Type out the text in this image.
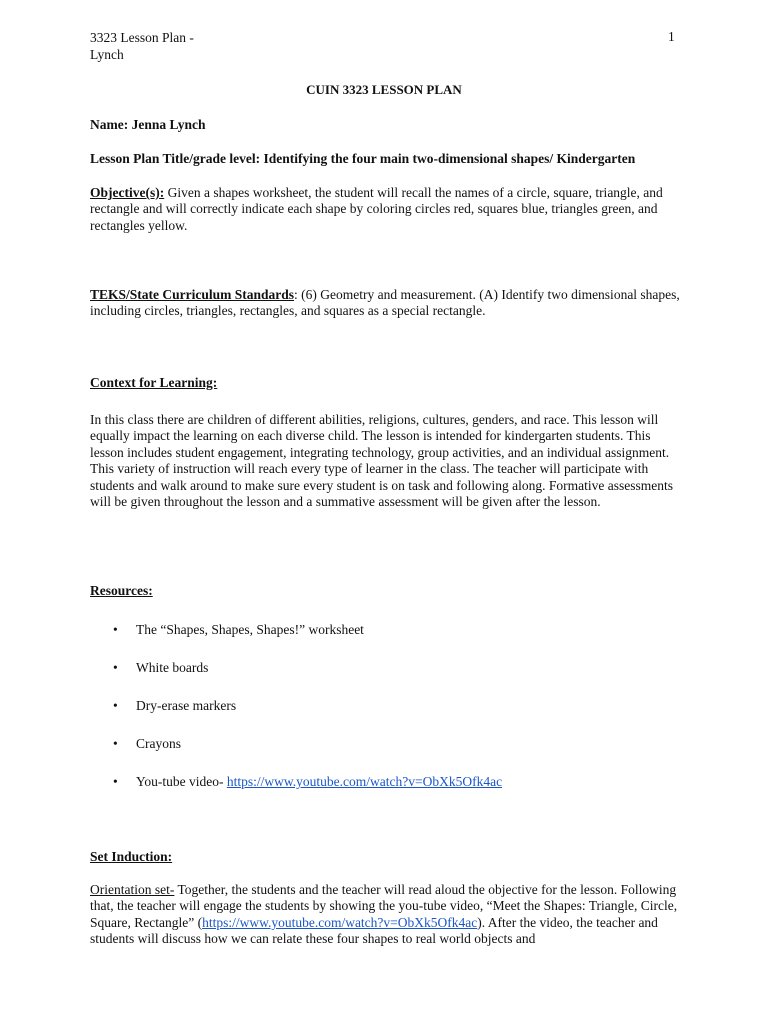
3323 Lesson Plan -
Lynch
1
CUIN 3323 LESSON PLAN
Name: Jenna Lynch
Lesson Plan Title/grade level: Identifying the four main two-dimensional shapes/ Kindergarten

Objective(s): Given a shapes worksheet, the student will recall the names of a circle, square, triangle, and rectangle and will correctly indicate each shape by coloring circles red, squares blue, triangles green, and rectangles yellow.

TEKS/State Curriculum Standards: (6) Geometry and measurement. (A) Identify two dimensional shapes, including circles, triangles, rectangles, and squares as a special rectangle.

Context for Learning:

In this class there are children of different abilities, religions, cultures, genders, and race. This lesson will equally impact the learning on each diverse child. The lesson is intended for kindergarten students. This lesson includes student engagement, integrating technology, group activities, and an individual assignment. This variety of instruction will reach every type of learner in the class. The teacher will participate with students and walk around to make sure every student is on task and following along. Formative assessments will be given throughout the lesson and a summative assessment will be given after the lesson.

Resources:
• The “Shapes, Shapes, Shapes!” worksheet
• White boards
• Dry-erase markers
• Crayons
• You-tube video- https://www.youtube.com/watch?v=ObXk5Ofk4ac
Set Induction:

Orientation set- Together, the students and the teacher will read aloud the objective for the lesson. Following that, the teacher will engage the students by showing the you-tube video, “Meet the Shapes: Triangle, Circle, Square, Rectangle” (https://www.youtube.com/watch?v=ObXk5Ofk4ac). After the video, the teacher and students will discuss how we can relate these four shapes to real world objects and
